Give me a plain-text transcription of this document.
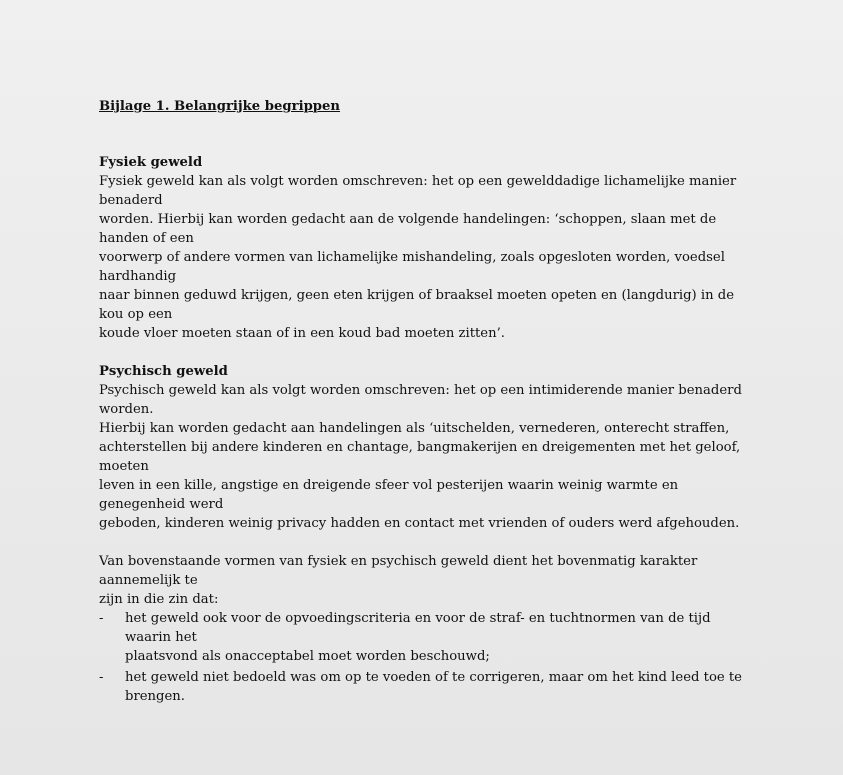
Bijlage 1. Belangrijke begrippen
Fysiek geweld
Fysiek geweld kan als volgt worden omschreven: het op een gewelddadige lichamelijke manier benaderd
worden. Hierbij kan worden gedacht aan de volgende handelingen: ‘schoppen, slaan met de handen of een
voorwerp of andere vormen van lichamelijke mishandeling, zoals opgesloten worden, voedsel hardhandig
naar binnen geduwd krijgen, geen eten krijgen of braaksel moeten opeten en (langdurig) in de kou op een
koude vloer moeten staan of in een koud bad moeten zitten’.
Psychisch geweld
Psychisch geweld kan als volgt worden omschreven: het op een intimiderende manier benaderd worden.
Hierbij kan worden gedacht aan handelingen als ‘uitschelden, vernederen, onterecht straffen,
achterstellen bij andere kinderen en chantage, bangmakerijen en dreigementen met het geloof, moeten
leven in een kille, angstige en dreigende sfeer vol pesterijen waarin weinig warmte en genegenheid werd
geboden, kinderen weinig privacy hadden en contact met vrienden of ouders werd afgehouden.
Van bovenstaande vormen van fysiek en psychisch geweld dient het bovenmatig karakter aannemelijk te
zijn in die zin dat:
- het geweld ook voor de opvoedingscriteria en voor de straf- en tuchtnormen van de tijd waarin het
plaatsvond als onacceptabel moet worden beschouwd;
- het geweld niet bedoeld was om op te voeden of te corrigeren, maar om het kind leed toe te brengen.
